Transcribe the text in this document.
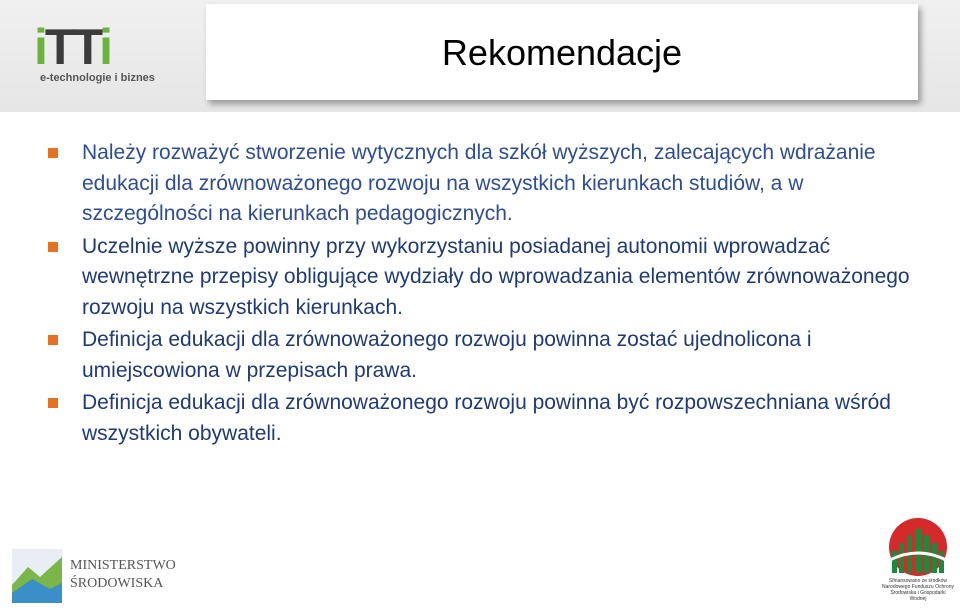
iTTi
e-technologie i biznes
Rekomendacje
Należy rozważyć stworzenie wytycznych dla szkół wyższych, zalecających wdrażanie edukacji dla zrównoważonego rozwoju na wszystkich kierunkach studiów, a w szczególności na kierunkach pedagogicznych.
Uczelnie wyższe powinny przy wykorzystaniu posiadanej autonomii wprowadzać wewnętrzne przepisy obligujące wydziały do wprowadzania elementów zrównoważonego rozwoju na wszystkich kierunkach.
Definicja edukacji dla zrównoważonego rozwoju powinna zostać ujednolicona i umiejscowiona w przepisach prawa.
Definicja edukacji dla zrównoważonego rozwoju powinna być rozpowszechniana wśród wszystkich obywateli.
MINISTERSTWO
ŚRODOWISKA	Sfinansowano ze środków Narodowego Funduszu Ochrony Środowiska i Gospodarki Wodnej
